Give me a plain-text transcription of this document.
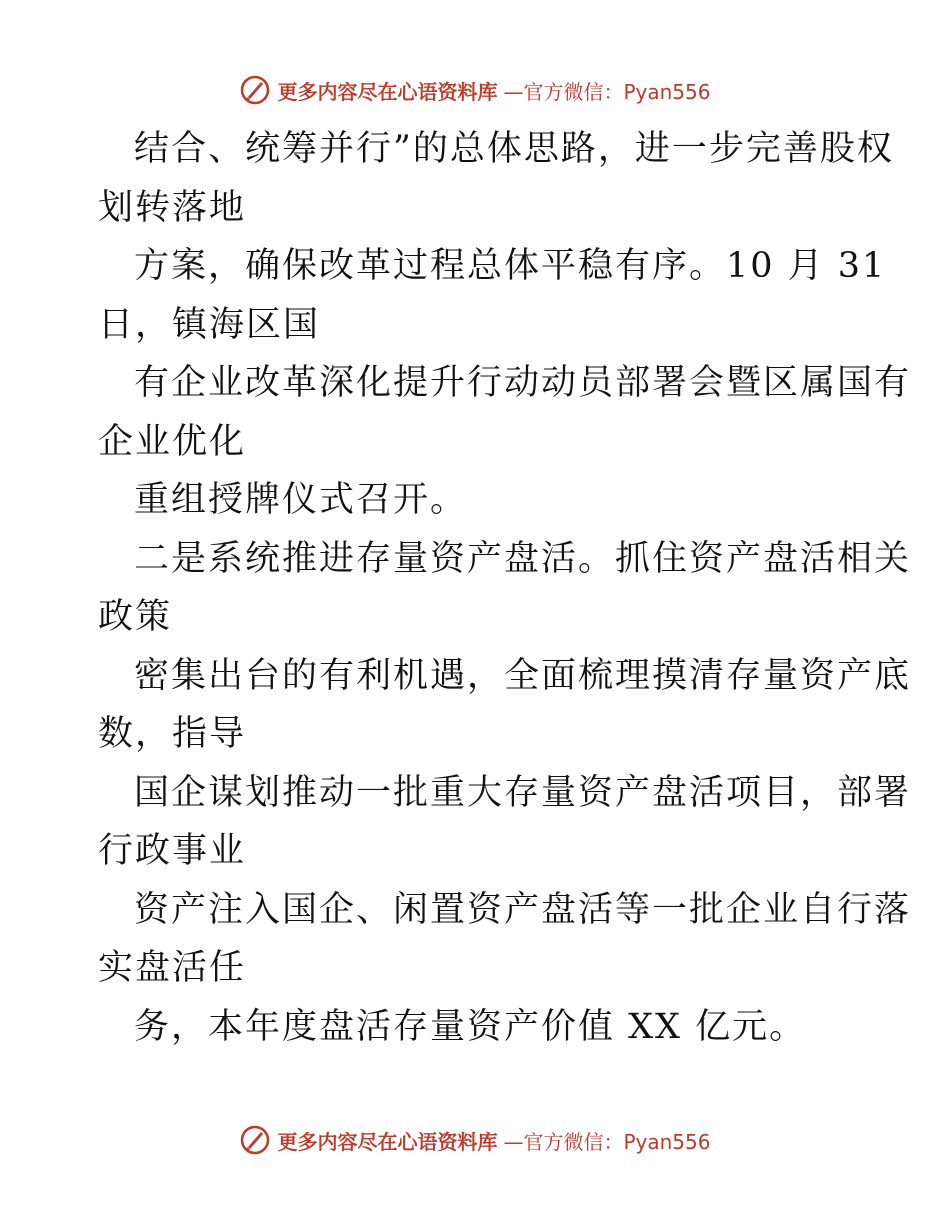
更多内容尽在心语资料库 —官方微信：Pyan556
结合、统筹并行”的总体思路，进一步完善股权
划转落地
方案，确保改革过程总体平稳有序。10 月 31
日，镇海区国
有企业改革深化提升行动动员部署会暨区属国有
企业优化
重组授牌仪式召开。
二是系统推进存量资产盘活。抓住资产盘活相关
政策
密集出台的有利机遇，全面梳理摸清存量资产底
数，指导
国企谋划推动一批重大存量资产盘活项目，部署
行政事业
资产注入国企、闲置资产盘活等一批企业自行落
实盘活任
务，本年度盘活存量资产价值 XX 亿元。
更多内容尽在心语资料库 —官方微信：Pyan556
